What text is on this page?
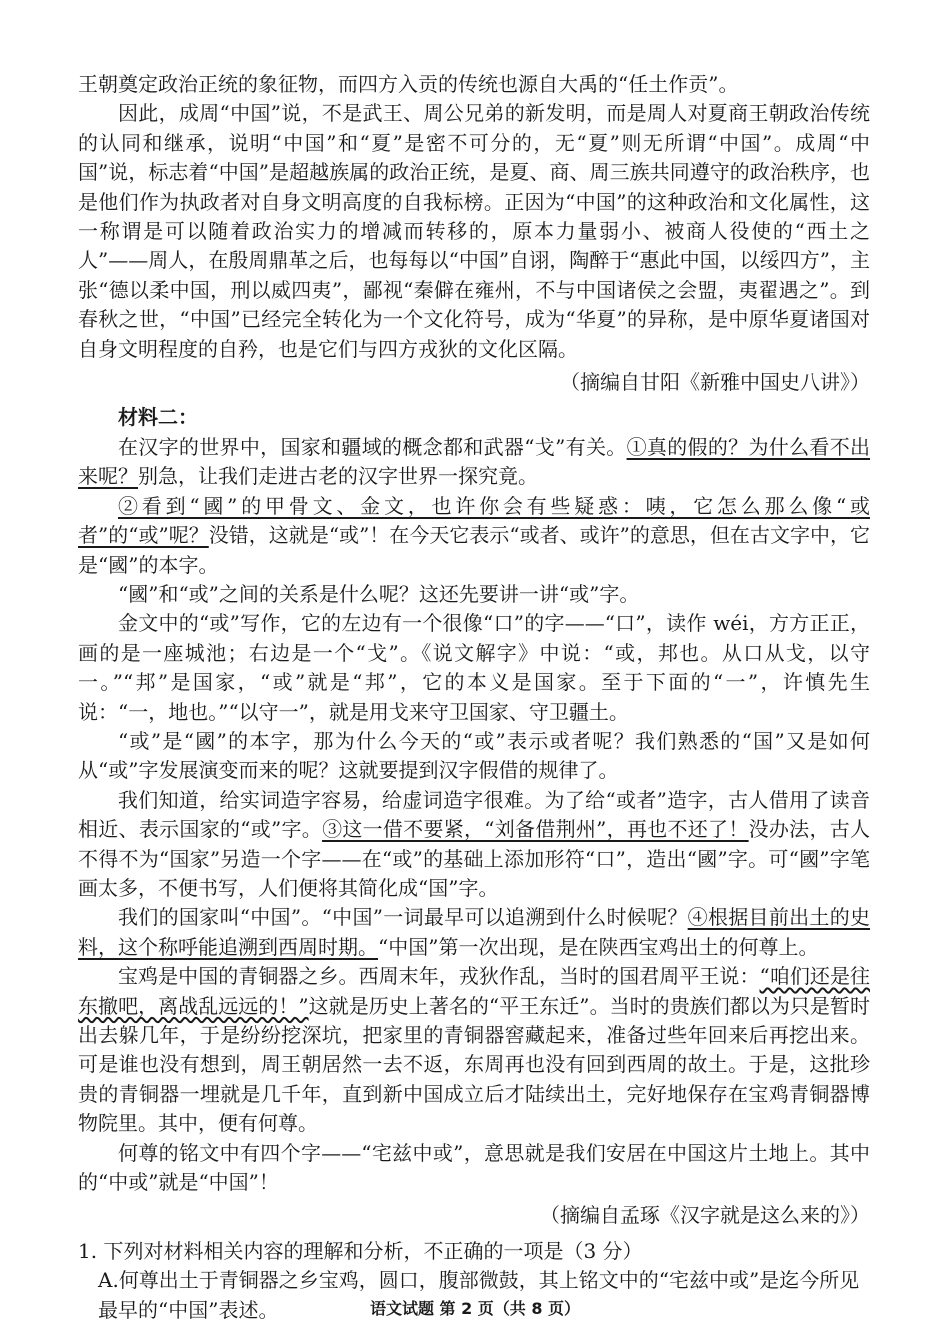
王朝奠定政治正统的象征物，而四方入贡的传统也源自大禹的“任土作贡”。

因此，成周“中国”说，不是武王、周公兄弟的新发明，而是周人对夏商王朝政治传统的认同和继承，说明“中国”和“夏”是密不可分的，无“夏”则无所谓“中国”。成周“中国”说，标志着“中国”是超越族属的政治正统，是夏、商、周三族共同遵守的政治秩序，也是他们作为执政者对自身文明高度的自我标榜。正因为“中国”的这种政治和文化属性，这一称谓是可以随着政治实力的增减而转移的，原本力量弱小、被商人役使的“西土之人”——周人，在殷周鼎革之后，也每每以“中国”自诩，陶醉于“惠此中国，以绥四方”，主张“德以柔中国，刑以威四夷”，鄙视“秦僻在雍州，不与中国诸侯之会盟，夷翟遇之”。到春秋之世，“中国”已经完全转化为一个文化符号，成为“华夏”的异称，是中原华夏诸国对自身文明程度的自矜，也是它们与四方戎狄的文化区隔。

（摘编自甘阳《新雅中国史八讲》）

材料二：

在汉字的世界中，国家和疆域的概念都和武器“戈”有关。①真的假的？为什么看不出来呢？别急，让我们走进古老的汉字世界一探究竟。

②看到“國”的甲骨文、金文，也许你会有些疑惑：咦，它怎么那么像“或者”的“或”呢？没错，这就是“或”！在今天它表示“或者、或许”的意思，但在古文字中，它是“國”的本字。

“國”和“或”之间的关系是什么呢？这还先要讲一讲“或”字。

金文中的“或”写作，它的左边有一个很像“口”的字——“口”，读作 wéi，方方正正，画的是一座城池；右边是一个“戈”。《说文解字》中说：“或，邦也。从口从戈，以守一。”“邦”是国家，“或”就是“邦”，它的本义是国家。至于下面的“一”，许慎先生说：“一，地也。”“以守一”，就是用戈来守卫国家、守卫疆土。

“或”是“國”的本字，那为什么今天的“或”表示或者呢？我们熟悉的“国”又是如何从“或”字发展演变而来的呢？这就要提到汉字假借的规律了。

我们知道，给实词造字容易，给虚词造字很难。为了给“或者”造字，古人借用了读音相近、表示国家的“或”字。③这一借不要紧，“刘备借荆州”，再也不还了！没办法，古人不得不为“国家”另造一个字——在“或”的基础上添加形符“口”，造出“國”字。可“國”字笔画太多，不便书写，人们便将其简化成“国”字。

我们的国家叫“中国”。“中国”一词最早可以追溯到什么时候呢？④根据目前出土的史料，这个称呼能追溯到西周时期。“中国”第一次出现，是在陕西宝鸡出土的何尊上。

宝鸡是中国的青铜器之乡。西周末年，戎狄作乱，当时的国君周平王说：“咱们还是往东撤吧，离战乱远远的！”这就是历史上著名的“平王东迁”。当时的贵族们都以为只是暂时出去躲几年，于是纷纷挖深坑，把家里的青铜器窖藏起来，准备过些年回来后再挖出来。可是谁也没有想到，周王朝居然一去不返，东周再也没有回到西周的故土。于是，这批珍贵的青铜器一埋就是几千年，直到新中国成立后才陆续出土，完好地保存在宝鸡青铜器博物院里。其中，便有何尊。

何尊的铭文中有四个字——“宅兹中或”，意思就是我们安居在中国这片土地上。其中的“中或”就是“中国”！

（摘编自孟琢《汉字就是这么来的》）

1. 下列对材料相关内容的理解和分析，不正确的一项是（3 分）

A.何尊出土于青铜器之乡宝鸡，圆口，腹部微鼓，其上铭文中的“宅兹中或”是迄今所见最早的“中国”表述。	语文试题 第 2 页（共 8 页）
